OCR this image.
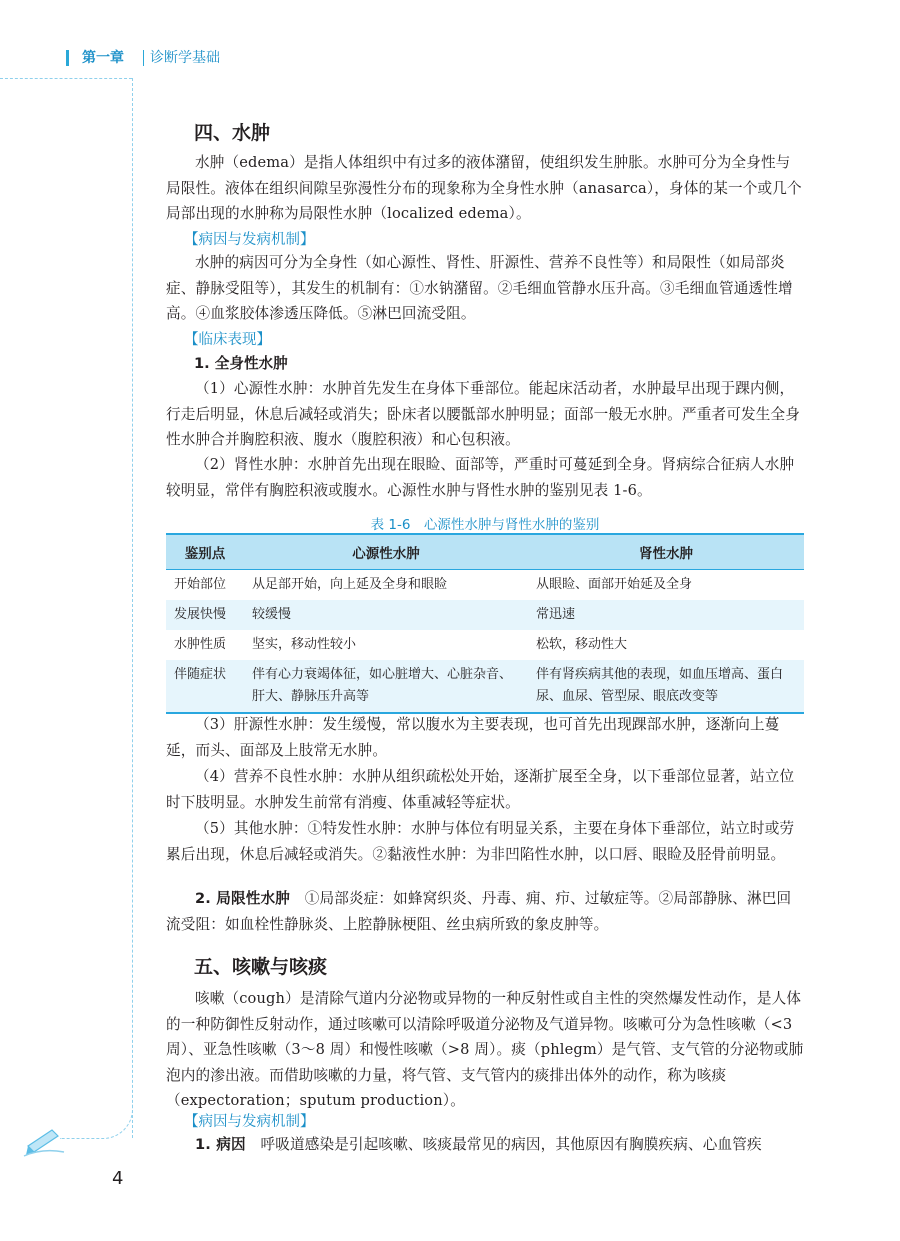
第一章 诊断学基础
4
四、水肿

水肿（edema）是指人体组织中有过多的液体潴留，使组织发生肿胀。水肿可分为全身性与局限性。液体在组织间隙呈弥漫性分布的现象称为全身性水肿（anasarca），身体的某一个或几个局部出现的水肿称为局限性水肿（localized edema）。

【病因与发病机制】

水肿的病因可分为全身性（如心源性、肾性、肝源性、营养不良性等）和局限性（如局部炎症、静脉受阻等），其发生的机制有：①水钠潴留。②毛细血管静水压升高。③毛细血管通透性增高。④血浆胶体渗透压降低。⑤淋巴回流受阻。

【临床表现】
1. 全身性水肿

（1）心源性水肿：水肿首先发生在身体下垂部位。能起床活动者，水肿最早出现于踝内侧，行走后明显，休息后减轻或消失；卧床者以腰骶部水肿明显；面部一般无水肿。严重者可发生全身性水肿合并胸腔积液、腹水（腹腔积液）和心包积液。

（2）肾性水肿：水肿首先出现在眼睑、面部等，严重时可蔓延到全身。肾病综合征病人水肿较明显，常伴有胸腔积液或腹水。心源性水肿与肾性水肿的鉴别见表 1-6。

表 1-6　心源性水肿与肾性水肿的鉴别
鉴别点	心源性水肿	肾性水肿
开始部位	从足部开始，向上延及全身和眼睑	从眼睑、面部开始延及全身
发展快慢	较缓慢	常迅速
水肿性质	坚实，移动性较小	松软，移动性大
伴随症状	伴有心力衰竭体征，如心脏增大、心脏杂音、肝大、静脉压升高等	伴有肾疾病其他的表现，如血压增高、蛋白尿、血尿、管型尿、眼底改变等

（3）肝源性水肿：发生缓慢，常以腹水为主要表现，也可首先出现踝部水肿，逐渐向上蔓延，而头、面部及上肢常无水肿。

（4）营养不良性水肿：水肿从组织疏松处开始，逐渐扩展至全身，以下垂部位显著，站立位时下肢明显。水肿发生前常有消瘦、体重减轻等症状。

（5）其他水肿：①特发性水肿：水肿与体位有明显关系，主要在身体下垂部位，站立时或劳累后出现，休息后减轻或消失。②黏液性水肿：为非凹陷性水肿，以口唇、眼睑及胫骨前明显。

2. 局限性水肿　 ①局部炎症：如蜂窝织炎、丹毒、痈、疖、过敏症等。②局部静脉、淋巴回流受阻：如血栓性静脉炎、上腔静脉梗阻、丝虫病所致的象皮肿等。

五、咳嗽与咳痰

咳嗽（cough）是清除气道内分泌物或异物的一种反射性或自主性的突然爆发性动作，是人体的一种防御性反射动作，通过咳嗽可以清除呼吸道分泌物及气道异物。咳嗽可分为急性咳嗽（<3 周）、亚急性咳嗽（3～8 周）和慢性咳嗽（>8 周）。痰（phlegm）是气管、支气管的分泌物或肺泡内的渗出液。而借助咳嗽的力量，将气管、支气管内的痰排出体外的动作，称为咳痰（expectoration；sputum production）。

【病因与发病机制】

1. 病因　 呼吸道感染是引起咳嗽、咳痰最常见的病因，其他原因有胸膜疾病、心血管疾
